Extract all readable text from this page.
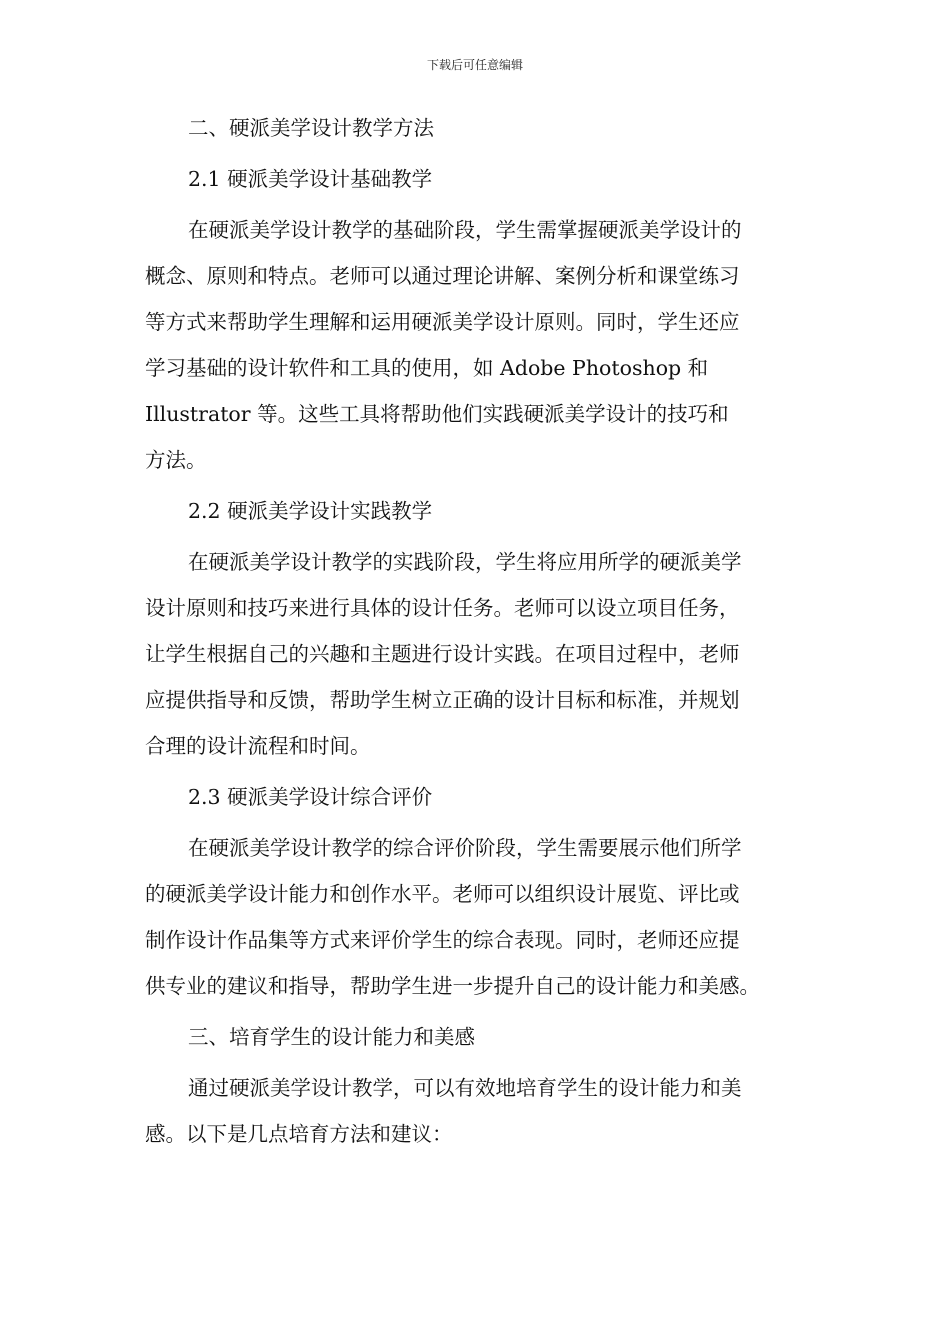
下载后可任意编辑
二、硬派美学设计教学方法
2.1 硬派美学设计基础教学
在硬派美学设计教学的基础阶段，学生需掌握硬派美学设计的
概念、原则和特点。老师可以通过理论讲解、案例分析和课堂练习
等方式来帮助学生理解和运用硬派美学设计原则。同时，学生还应
学习基础的设计软件和工具的使用，如 Adobe Photoshop 和
Illustrator 等。这些工具将帮助他们实践硬派美学设计的技巧和
方法。
2.2 硬派美学设计实践教学
在硬派美学设计教学的实践阶段，学生将应用所学的硬派美学
设计原则和技巧来进行具体的设计任务。老师可以设立项目任务，
让学生根据自己的兴趣和主题进行设计实践。在项目过程中，老师
应提供指导和反馈，帮助学生树立正确的设计目标和标准，并规划
合理的设计流程和时间。
2.3 硬派美学设计综合评价
在硬派美学设计教学的综合评价阶段，学生需要展示他们所学
的硬派美学设计能力和创作水平。老师可以组织设计展览、评比或
制作设计作品集等方式来评价学生的综合表现。同时，老师还应提
供专业的建议和指导，帮助学生进一步提升自己的设计能力和美感。
三、培育学生的设计能力和美感
通过硬派美学设计教学，可以有效地培育学生的设计能力和美
感。以下是几点培育方法和建议：
